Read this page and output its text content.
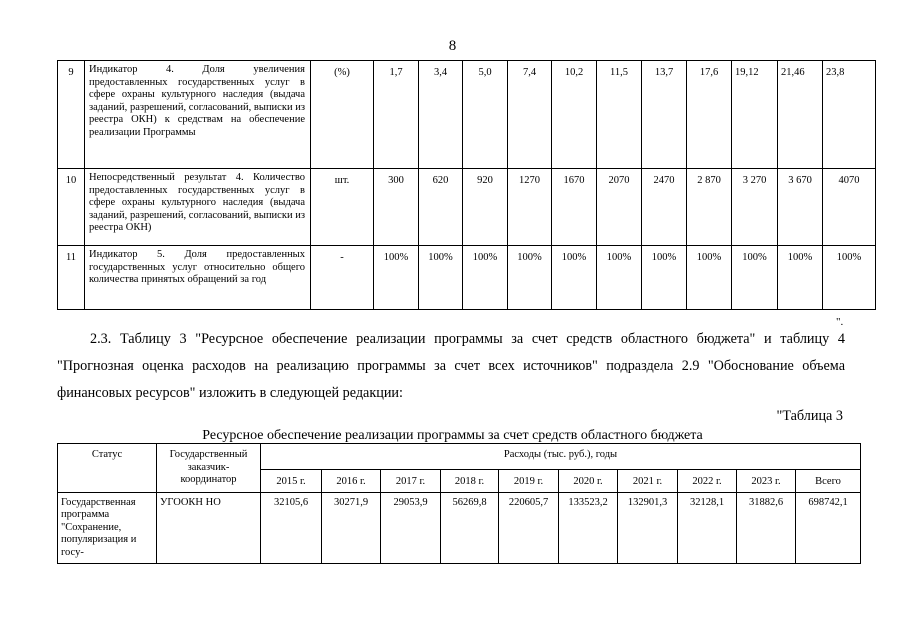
8
9	Индикатор 4. Доля увеличения предоставленных государственных услуг в сфере охраны культурного наследия (выдача заданий, разрешений, согласований, выписки из реестра ОКН) к средствам на обеспечение реализации Программы	(%)	1,7	3,4	5,0	7,4	10,2	11,5	13,7	17,6	19,12	21,46	23,8
10	Непосредственный результат 4. Количество предоставленных государственных услуг в сфере охраны культурного наследия (выдача заданий, разрешений, согласований, выписки из реестра ОКН)	шт.	300	620	920	1270	1670	2070	2470	2 870	3 270	3 670	4070
11	Индикатор 5. Доля предоставленных государственных услуг относительно общего количества принятых обращений за год	-	100%	100%	100%	100%	100%	100%	100%	100%	100%	100%	100%
".
2.3. Таблицу 3 "Ресурсное обеспечение реализации программы за счет средств областного бюджета" и таблицу 4 "Прогнозная оценка расходов на реализацию программы за счет всех источников" подраздела 2.9 "Обоснование объема финансовых ресурсов" изложить в следующей редакции:
"Таблица 3
Ресурсное обеспечение реализации программы за счет средств областного бюджета
Статус	Государственный заказчик-координатор	Расходы (тыс. руб.), годы									
		2015 г.	2016 г.	2017 г.	2018 г.	2019 г.	2020 г.	2021 г.	2022 г.	2023 г.	Всего
Государственная программа "Сохранение, популяризация и госу-	УГООКН НО	32105,6	30271,9	29053,9	56269,8	220605,7	133523,2	132901,3	32128,1	31882,6	698742,1
